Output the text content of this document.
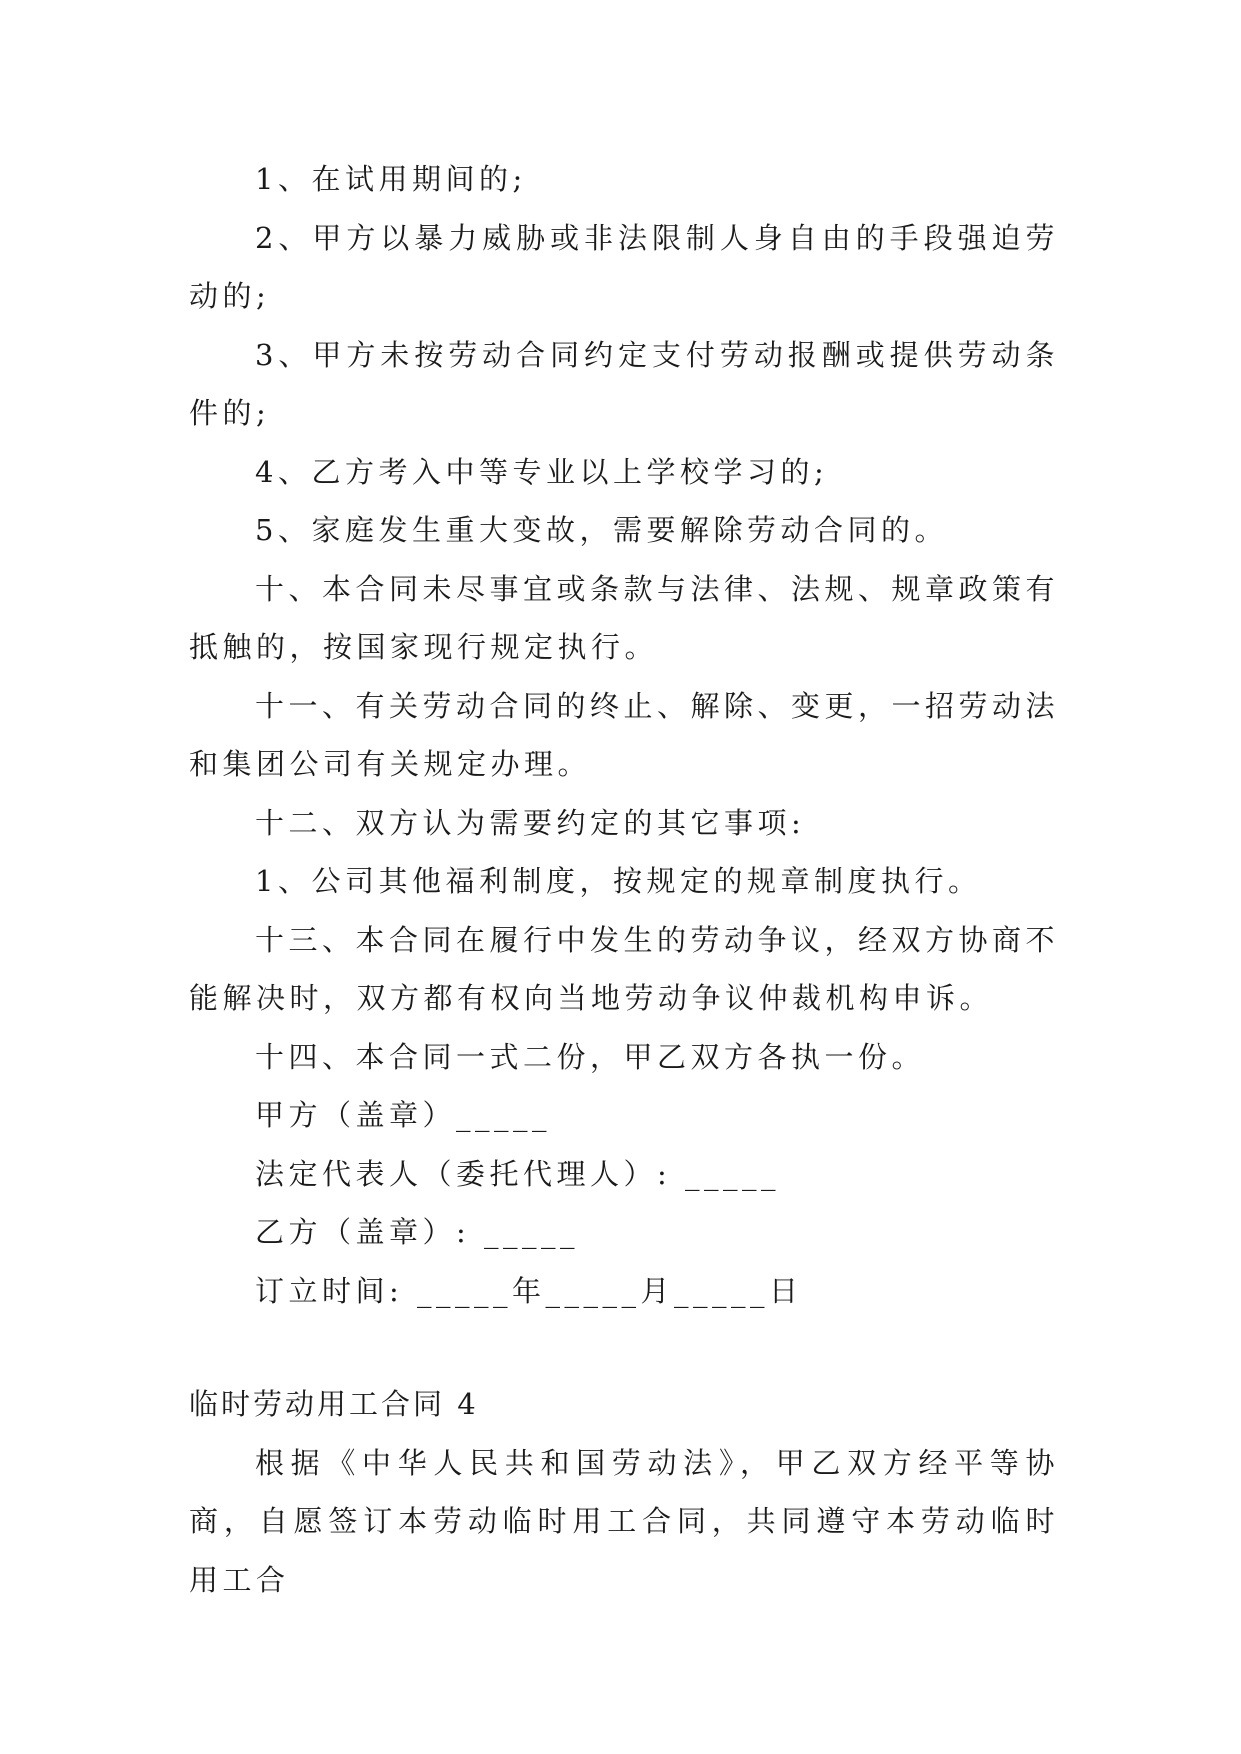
1、在试用期间的;

2、甲方以暴力威胁或非法限制人身自由的手段强迫劳动的;

3、甲方未按劳动合同约定支付劳动报酬或提供劳动条件的;

4、乙方考入中等专业以上学校学习的;

5、家庭发生重大变故，需要解除劳动合同的。

十、本合同未尽事宜或条款与法律、法规、规章政策有抵触的，按国家现行规定执行。

十一、有关劳动合同的终止、解除、变更，一招劳动法和集团公司有关规定办理。

十二、双方认为需要约定的其它事项:

1、公司其他福利制度，按规定的规章制度执行。

十三、本合同在履行中发生的劳动争议，经双方协商不能解决时，双方都有权向当地劳动争议仲裁机构申诉。

十四、本合同一式二份，甲乙双方各执一份。

甲方（盖章）_____

法定代表人（委托代理人）: _____

乙方（盖章）: _____

订立时间: _____年_____月_____日

临时劳动用工合同 4

根据《中华人民共和国劳动法》，甲乙双方经平等协商，自愿签订本劳动临时用工合同，共同遵守本劳动临时用工合
